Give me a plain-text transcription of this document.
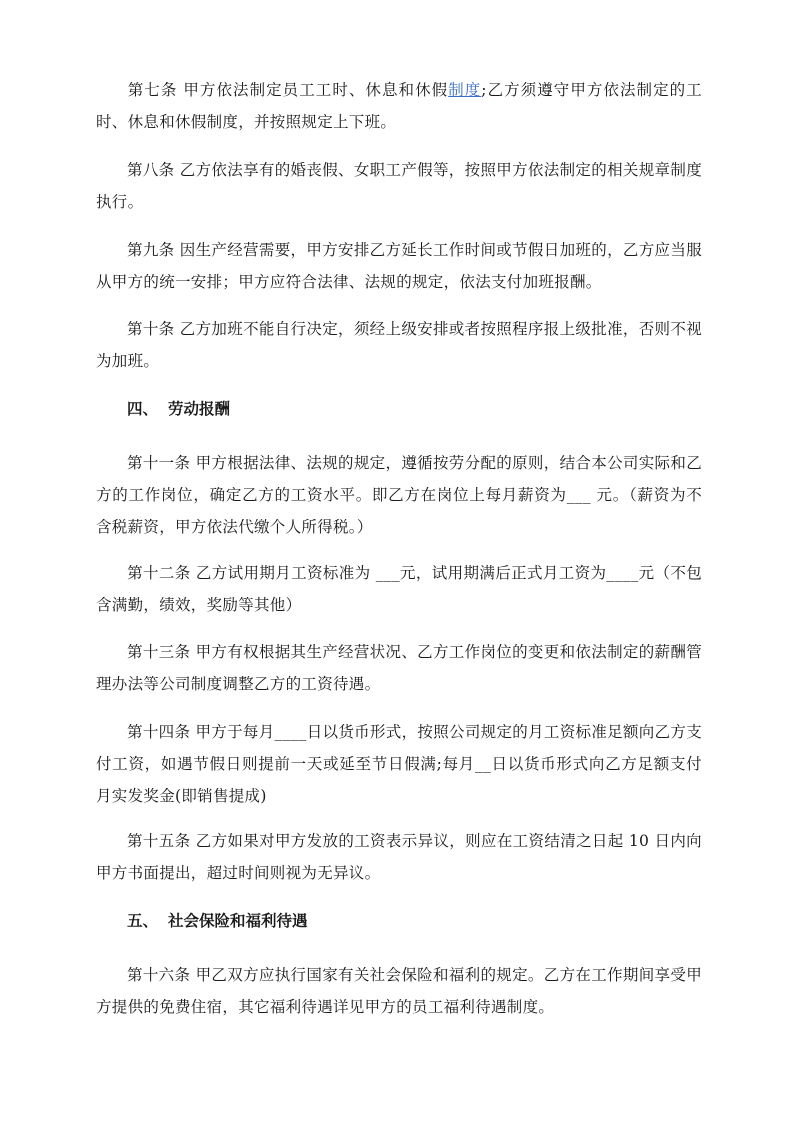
第七条 甲方依法制定员工工时、休息和休假制度;乙方须遵守甲方依法制定的工时、休息和休假制度，并按照规定上下班。

第八条 乙方依法享有的婚丧假、女职工产假等，按照甲方依法制定的相关规章制度执行。

第九条 因生产经营需要，甲方安排乙方延长工作时间或节假日加班的，乙方应当服从甲方的统一安排；甲方应符合法律、法规的规定，依法支付加班报酬。

第十条 乙方加班不能自行决定，须经上级安排或者按照程序报上级批准，否则不视为加班。

四、 劳动报酬

第十一条 甲方根据法律、法规的规定，遵循按劳分配的原则，结合本公司实际和乙方的工作岗位，确定乙方的工资水平。即乙方在岗位上每月薪资为___ 元。（薪资为不含税薪资，甲方依法代缴个人所得税。）

第十二条 乙方试用期月工资标准为 ___元，试用期满后正式月工资为____元（不包含满勤，绩效，奖励等其他）

第十三条 甲方有权根据其生产经营状况、乙方工作岗位的变更和依法制定的薪酬管理办法等公司制度调整乙方的工资待遇。

第十四条 甲方于每月____日以货币形式，按照公司规定的月工资标准足额向乙方支付工资，如遇节假日则提前一天或延至节日假满;每月__日以货币形式向乙方足额支付月实发奖金(即销售提成)

第十五条 乙方如果对甲方发放的工资表示异议，则应在工资结清之日起 10 日内向甲方书面提出，超过时间则视为无异议。

五、 社会保险和福利待遇

第十六条 甲乙双方应执行国家有关社会保险和福利的规定。乙方在工作期间享受甲方提供的免费住宿，其它福利待遇详见甲方的员工福利待遇制度。
